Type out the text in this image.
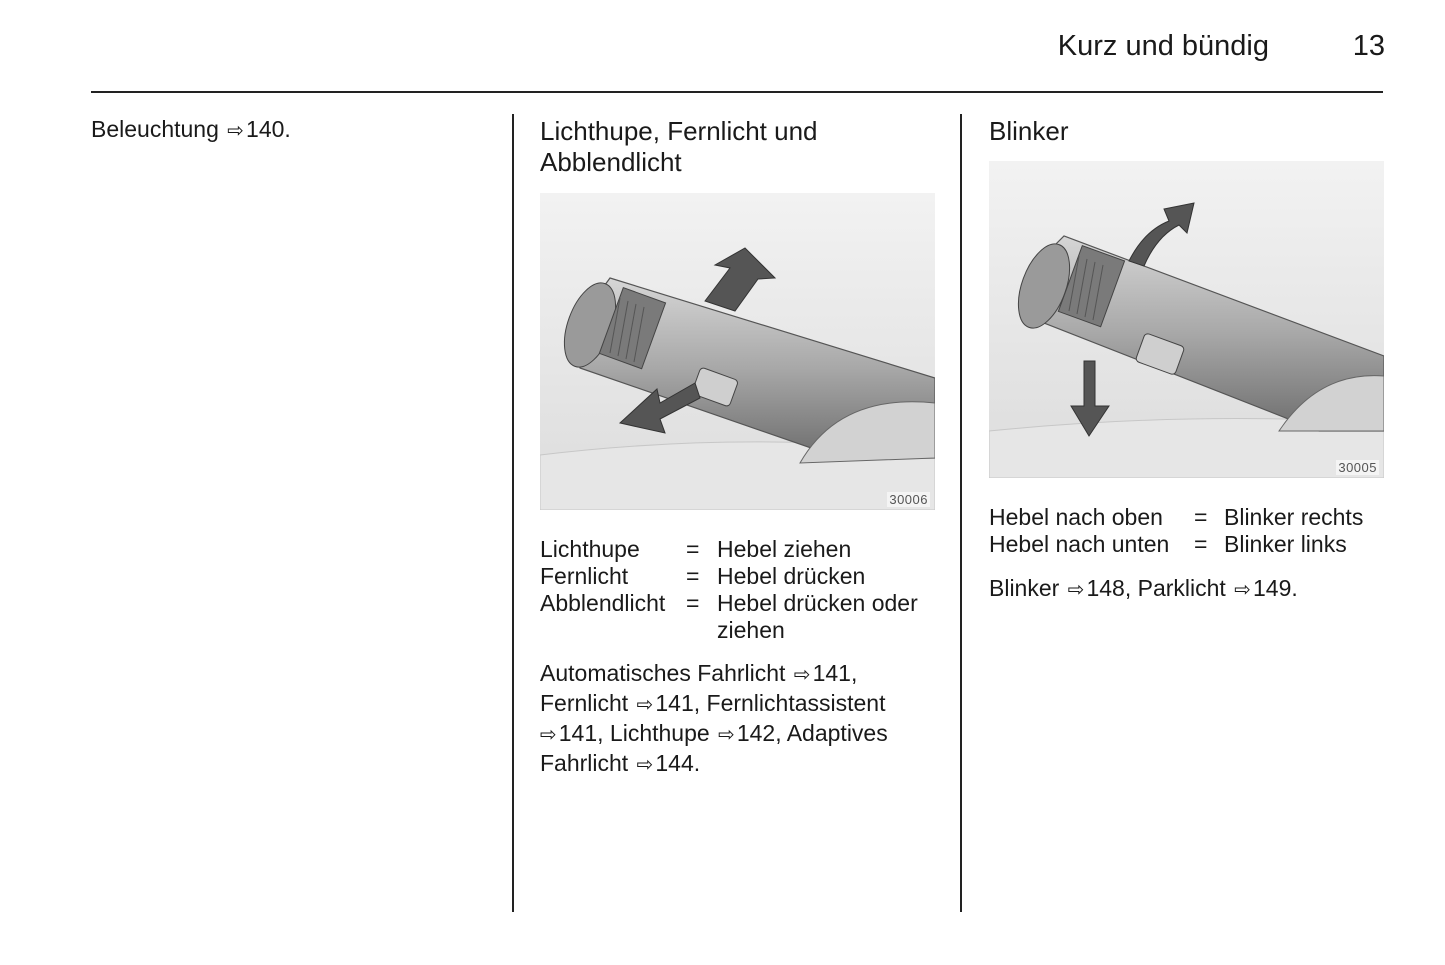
Kurz und bündig	13

Beleuchtung ⇨140.	Lichthupe, Fernlicht und
Abblendlicht
30006
Lichthupe	=	Hebel ziehen
Fernlicht	=	Hebel drücken
Abblendlicht	=	Hebel drücken oder
		ziehen

Automatisches Fahrlicht ⇨141,

Fernlicht ⇨141, Fernlichtassistent

⇨141, Lichthupe ⇨142, Adaptives

Fahrlicht ⇨144.

Blinker
30005
Hebel nach oben	=	Blinker rechts
Hebel nach unten	=	Blinker links

Blinker ⇨148, Parklicht ⇨149.
